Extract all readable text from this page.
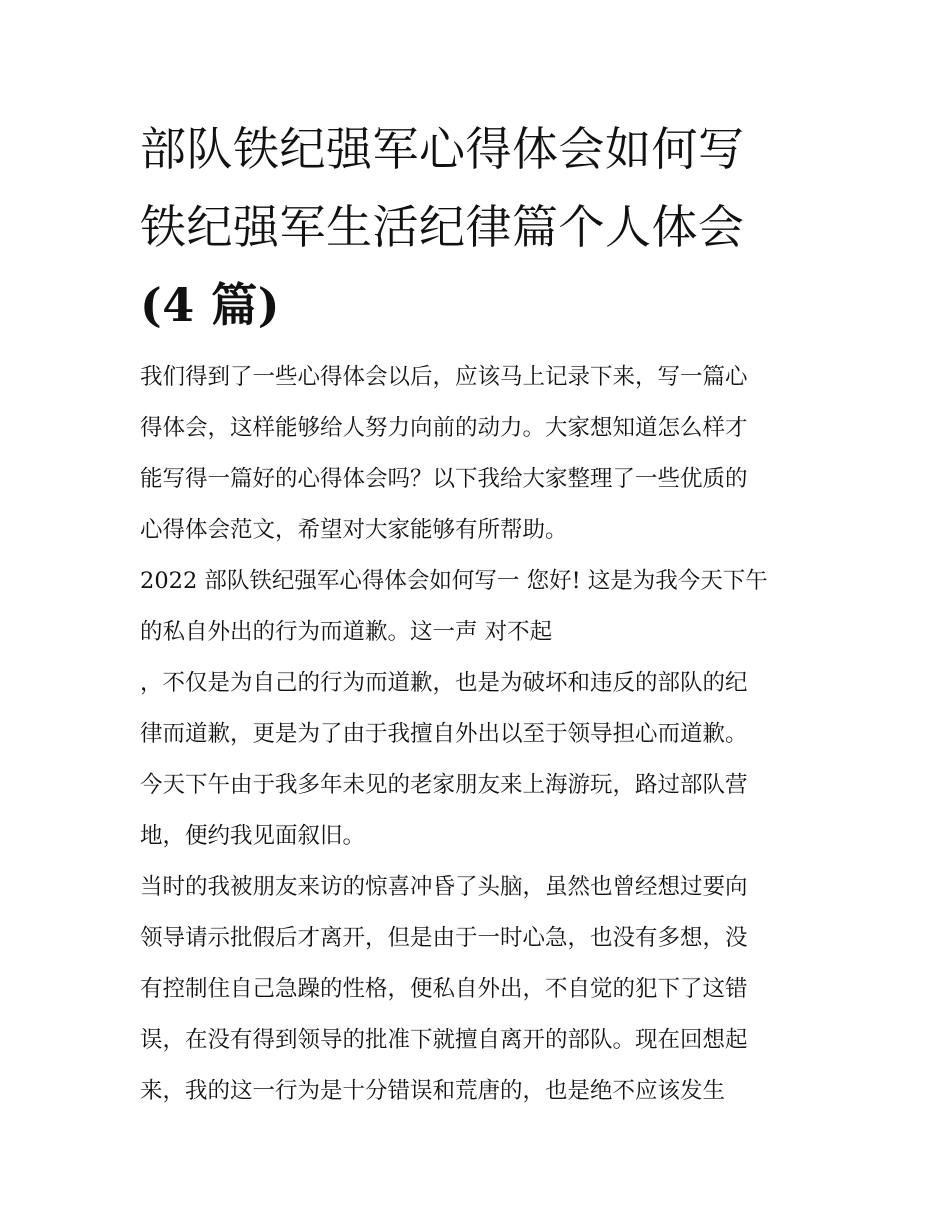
部队铁纪强军心得体会如何写
铁纪强军生活纪律篇个人体会
(4 篇)

我们得到了一些心得体会以后，应该马上记录下来，写一篇心
得体会，这样能够给人努力向前的动力。大家想知道怎么样才
能写得一篇好的心得体会吗？以下我给大家整理了一些优质的
心得体会范文，希望对大家能够有所帮助。

2022 部队铁纪强军心得体会如何写一 您好! 这是为我今天下午
的私自外出的行为而道歉。这一声 对不起

，不仅是为自己的行为而道歉，也是为破坏和违反的部队的纪
律而道歉，更是为了由于我擅自外出以至于领导担心而道歉。
今天下午由于我多年未见的老家朋友来上海游玩，路过部队营
地，便约我见面叙旧。

当时的我被朋友来访的惊喜冲昏了头脑，虽然也曾经想过要向
领导请示批假后才离开，但是由于一时心急，也没有多想，没
有控制住自己急躁的性格，便私自外出，不自觉的犯下了这错
误，在没有得到领导的批准下就擅自离开的部队。现在回想起
来，我的这一行为是十分错误和荒唐的，也是绝不应该发生
